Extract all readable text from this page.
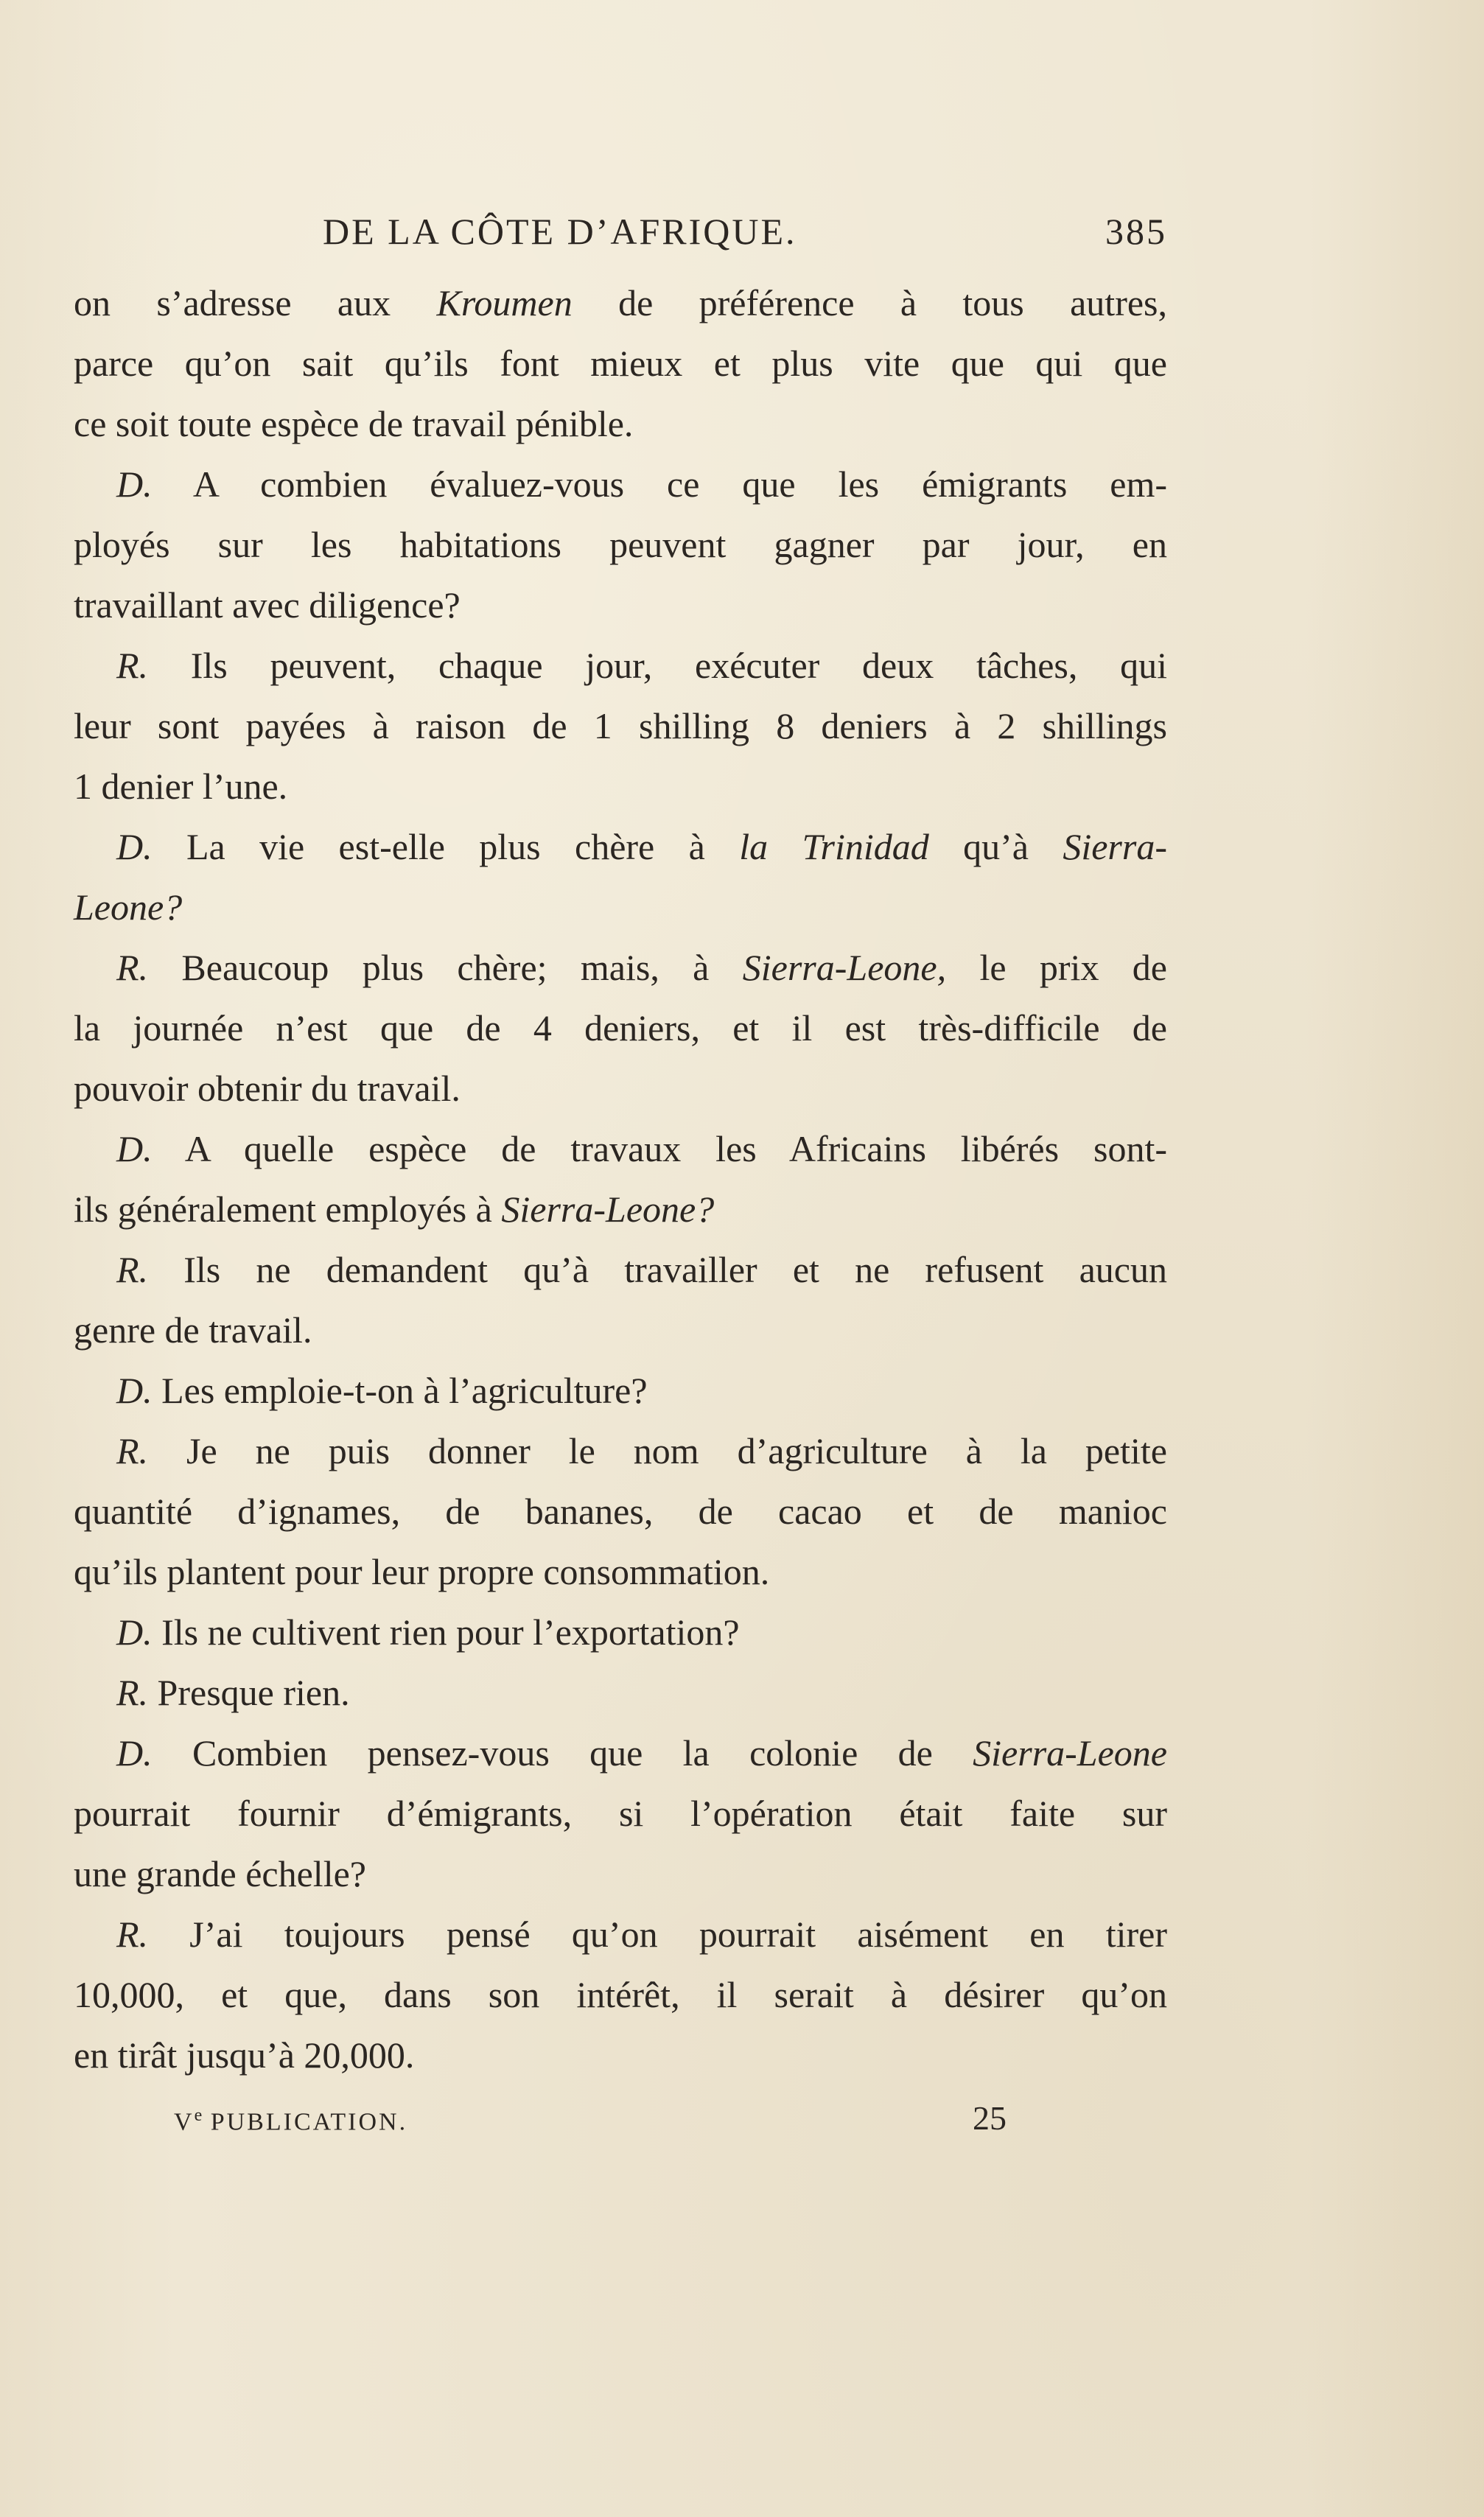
DE LA CÔTE D’AFRIQUE.	385
on s’adresse aux Kroumen de préférence à tous autres,
parce qu’on sait qu’ils font mieux et plus vite que qui que
ce soit toute espèce de travail pénible.
D. A combien évaluez-vous ce que les émigrants em-
ployés sur les habitations peuvent gagner par jour, en
travaillant avec diligence?
R. Ils peuvent, chaque jour, exécuter deux tâches, qui
leur sont payées à raison de 1 shilling 8 deniers à 2 shillings
1 denier l’une.
D. La vie est-elle plus chère à la Trinidad qu’à Sierra-
Leone?
R. Beaucoup plus chère; mais, à Sierra-Leone, le prix de
la journée n’est que de 4 deniers, et il est très-difficile de
pouvoir obtenir du travail.
D. A quelle espèce de travaux les Africains libérés sont-
ils généralement employés à Sierra-Leone?
R. Ils ne demandent qu’à travailler et ne refusent aucun
genre de travail.
D. Les emploie-t-on à l’agriculture?
R. Je ne puis donner le nom d’agriculture à la petite
quantité d’ignames, de bananes, de cacao et de manioc
qu’ils plantent pour leur propre consommation.
D. Ils ne cultivent rien pour l’exportation?
R. Presque rien.
D. Combien pensez-vous que la colonie de Sierra-Leone
pourrait fournir d’émigrants, si l’opération était faite sur
une grande échelle?
R. J’ai toujours pensé qu’on pourrait aisément en tirer
10,000, et que, dans son intérêt, il serait à désirer qu’on
en tirât jusqu’à 20,000.
Ve PUBLICATION.	25
